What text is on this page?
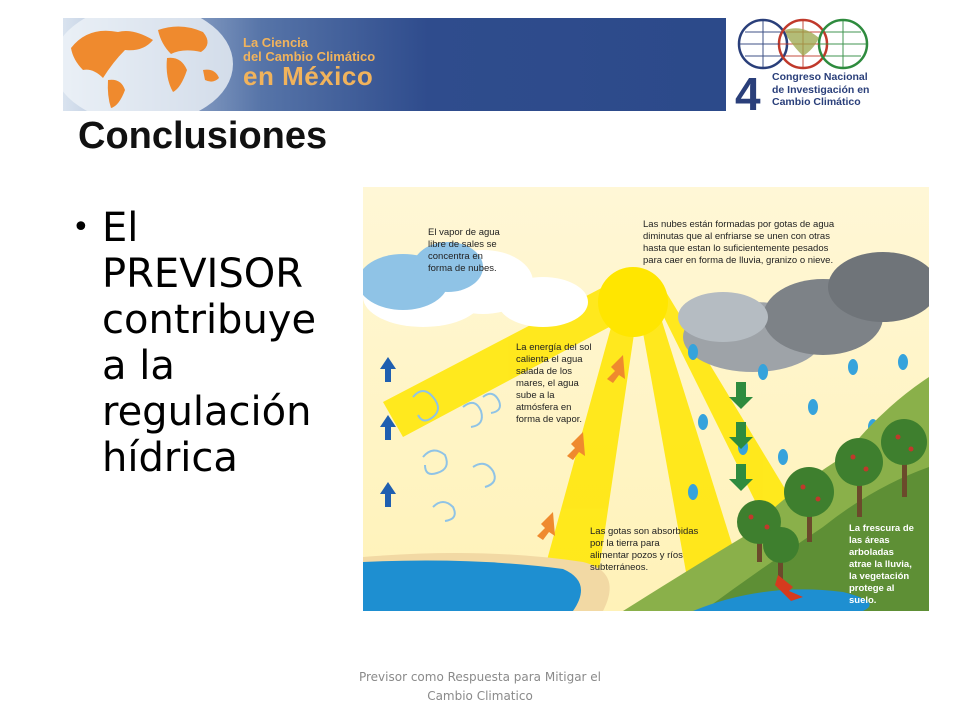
La Ciencia
del Cambio Climático
en México	4 Congreso Nacional
de Investigación en
Cambio Climático
Conclusiones
• El
PREVISOR
contribuye
a la
regulación
hídrica
El vapor de agua
libre de sales se
concentra en
forma de nubes.
Las nubes están formadas por gotas de agua
diminutas que al enfriarse se unen con otras
hasta que estan lo suficientemente pesados
para caer en forma de lluvia, granizo o nieve.
La energía del sol
calienta el agua
salada de los
mares, el agua
sube a la
atmósfera en
forma de vapor.
Las gotas son absorbidas
por la tierra para
alimentar pozos y ríos
subterráneos.
La frescura de
las áreas
arboladas
atrae la lluvia,
la vegetación
protege al
suelo.
Previsor como Respuesta para Mitigar el
Cambio Climatico
